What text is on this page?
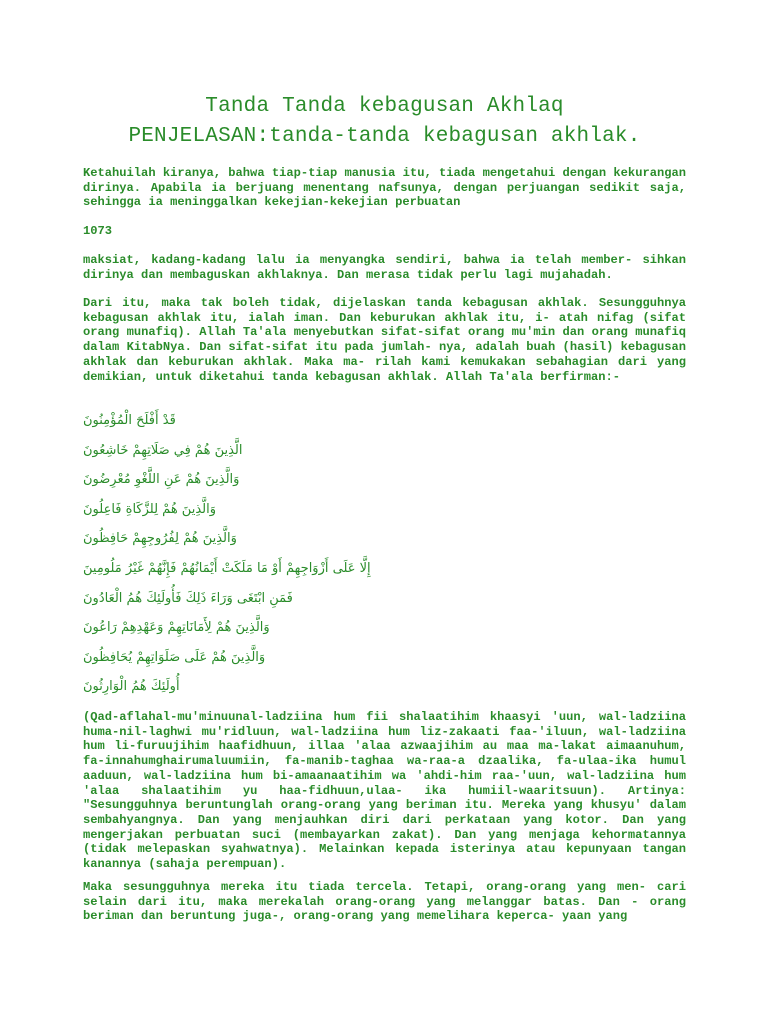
Tanda Tanda kebagusan Akhlaq
PENJELASAN:tanda-tanda kebagusan akhlak.

Ketahuilah kiranya, bahwa tiap-tiap manusia itu, tiada mengetahui dengan kekurangan dirinya. Apabila ia berjuang menentang nafsunya, dengan perjuangan sedikit saja, sehingga ia meninggalkan kekejian-kekejian perbuatan

1073

maksiat, kadang-kadang lalu ia menyangka sendiri, bahwa ia telah member- sihkan dirinya dan membaguskan akhlaknya. Dan merasa tidak perlu lagi mujahadah.

Dari itu, maka tak boleh tidak, dijelaskan tanda kebagusan akhlak. Sesungguhnya kebagusan akhlak itu, ialah iman. Dan keburukan akhlak itu, i- atah nifag (sifat orang munafiq). Allah Ta'ala menyebutkan sifat-sifat orang mu'min dan orang munafiq dalam KitabNya. Dan sifat-sifat itu pada jumlah- nya, adalah buah (hasil) kebagusan akhlak dan keburukan akhlak. Maka ma- rilah kami kemukakan sebahagian dari yang demikian, untuk diketahui tanda kebagusan akhlak. Allah Ta'ala berfirman:-

قَدْ أَفْلَحَ الْمُؤْمِنُونَ
الَّذِينَ هُمْ فِي صَلَاتِهِمْ خَاشِعُونَ
وَالَّذِينَ هُمْ عَنِ اللَّغْوِ مُعْرِضُونَ
وَالَّذِينَ هُمْ لِلزَّكَاةِ فَاعِلُونَ
وَالَّذِينَ هُمْ لِفُرُوجِهِمْ حَافِظُونَ
إِلَّا عَلَى أَزْوَاجِهِمْ أَوْ مَا مَلَكَتْ أَيْمَانُهُمْ فَإِنَّهُمْ غَيْرُ مَلُومِينَ
فَمَنِ ابْتَغَى وَرَاءَ ذَلِكَ فَأُولَئِكَ هُمُ الْعَادُونَ
وَالَّذِينَ هُمْ لِأَمَانَاتِهِمْ وَعَهْدِهِمْ رَاعُونَ
وَالَّذِينَ هُمْ عَلَى صَلَوَاتِهِمْ يُحَافِظُونَ
أُولَئِكَ هُمُ الْوَارِثُونَ

(Qad-aflahal-mu'minuunal-ladziina hum fii shalaatihim khaasyi 'uun, wal-ladziina huma-nil-laghwi mu'ridluun, wal-ladziina hum liz-zakaati faa-'iluun, wal-ladziina hum li-furuujihim haafidhuun, illaa 'alaa azwaajihim au maa ma-lakat aimaanuhum, fa-innahumghairumaluumiin, fa-manib-taghaa wa-raa-a dzaalika, fa-ulaa-ika humul aaduun, wal-ladziina hum bi-amaanaatihim wa 'ahdi-him raa-'uun, wal-ladziina hum 'alaa shalaatihim yu haa-fidhuun,ulaa- ika humiil-waaritsuun). Artinya: "Sesungguhnya beruntunglah orang-orang yang beriman itu. Mereka yang khusyu' dalam sembahyangnya. Dan yang menjauhkan diri dari perkataan yang kotor. Dan yang mengerjakan perbuatan suci (membayarkan zakat). Dan yang menjaga kehormatannya (tidak melepaskan syahwatnya). Melainkan kepada isterinya atau kepunyaan tangan kanannya (sahaja perempuan).

Maka sesungguhnya mereka itu tiada tercela. Tetapi, orang-orang yang men- cari selain dari itu, maka merekalah orang-orang yang melanggar batas. Dan - orang beriman dan beruntung juga-, orang-orang yang memelihara keperca- yaan yang
